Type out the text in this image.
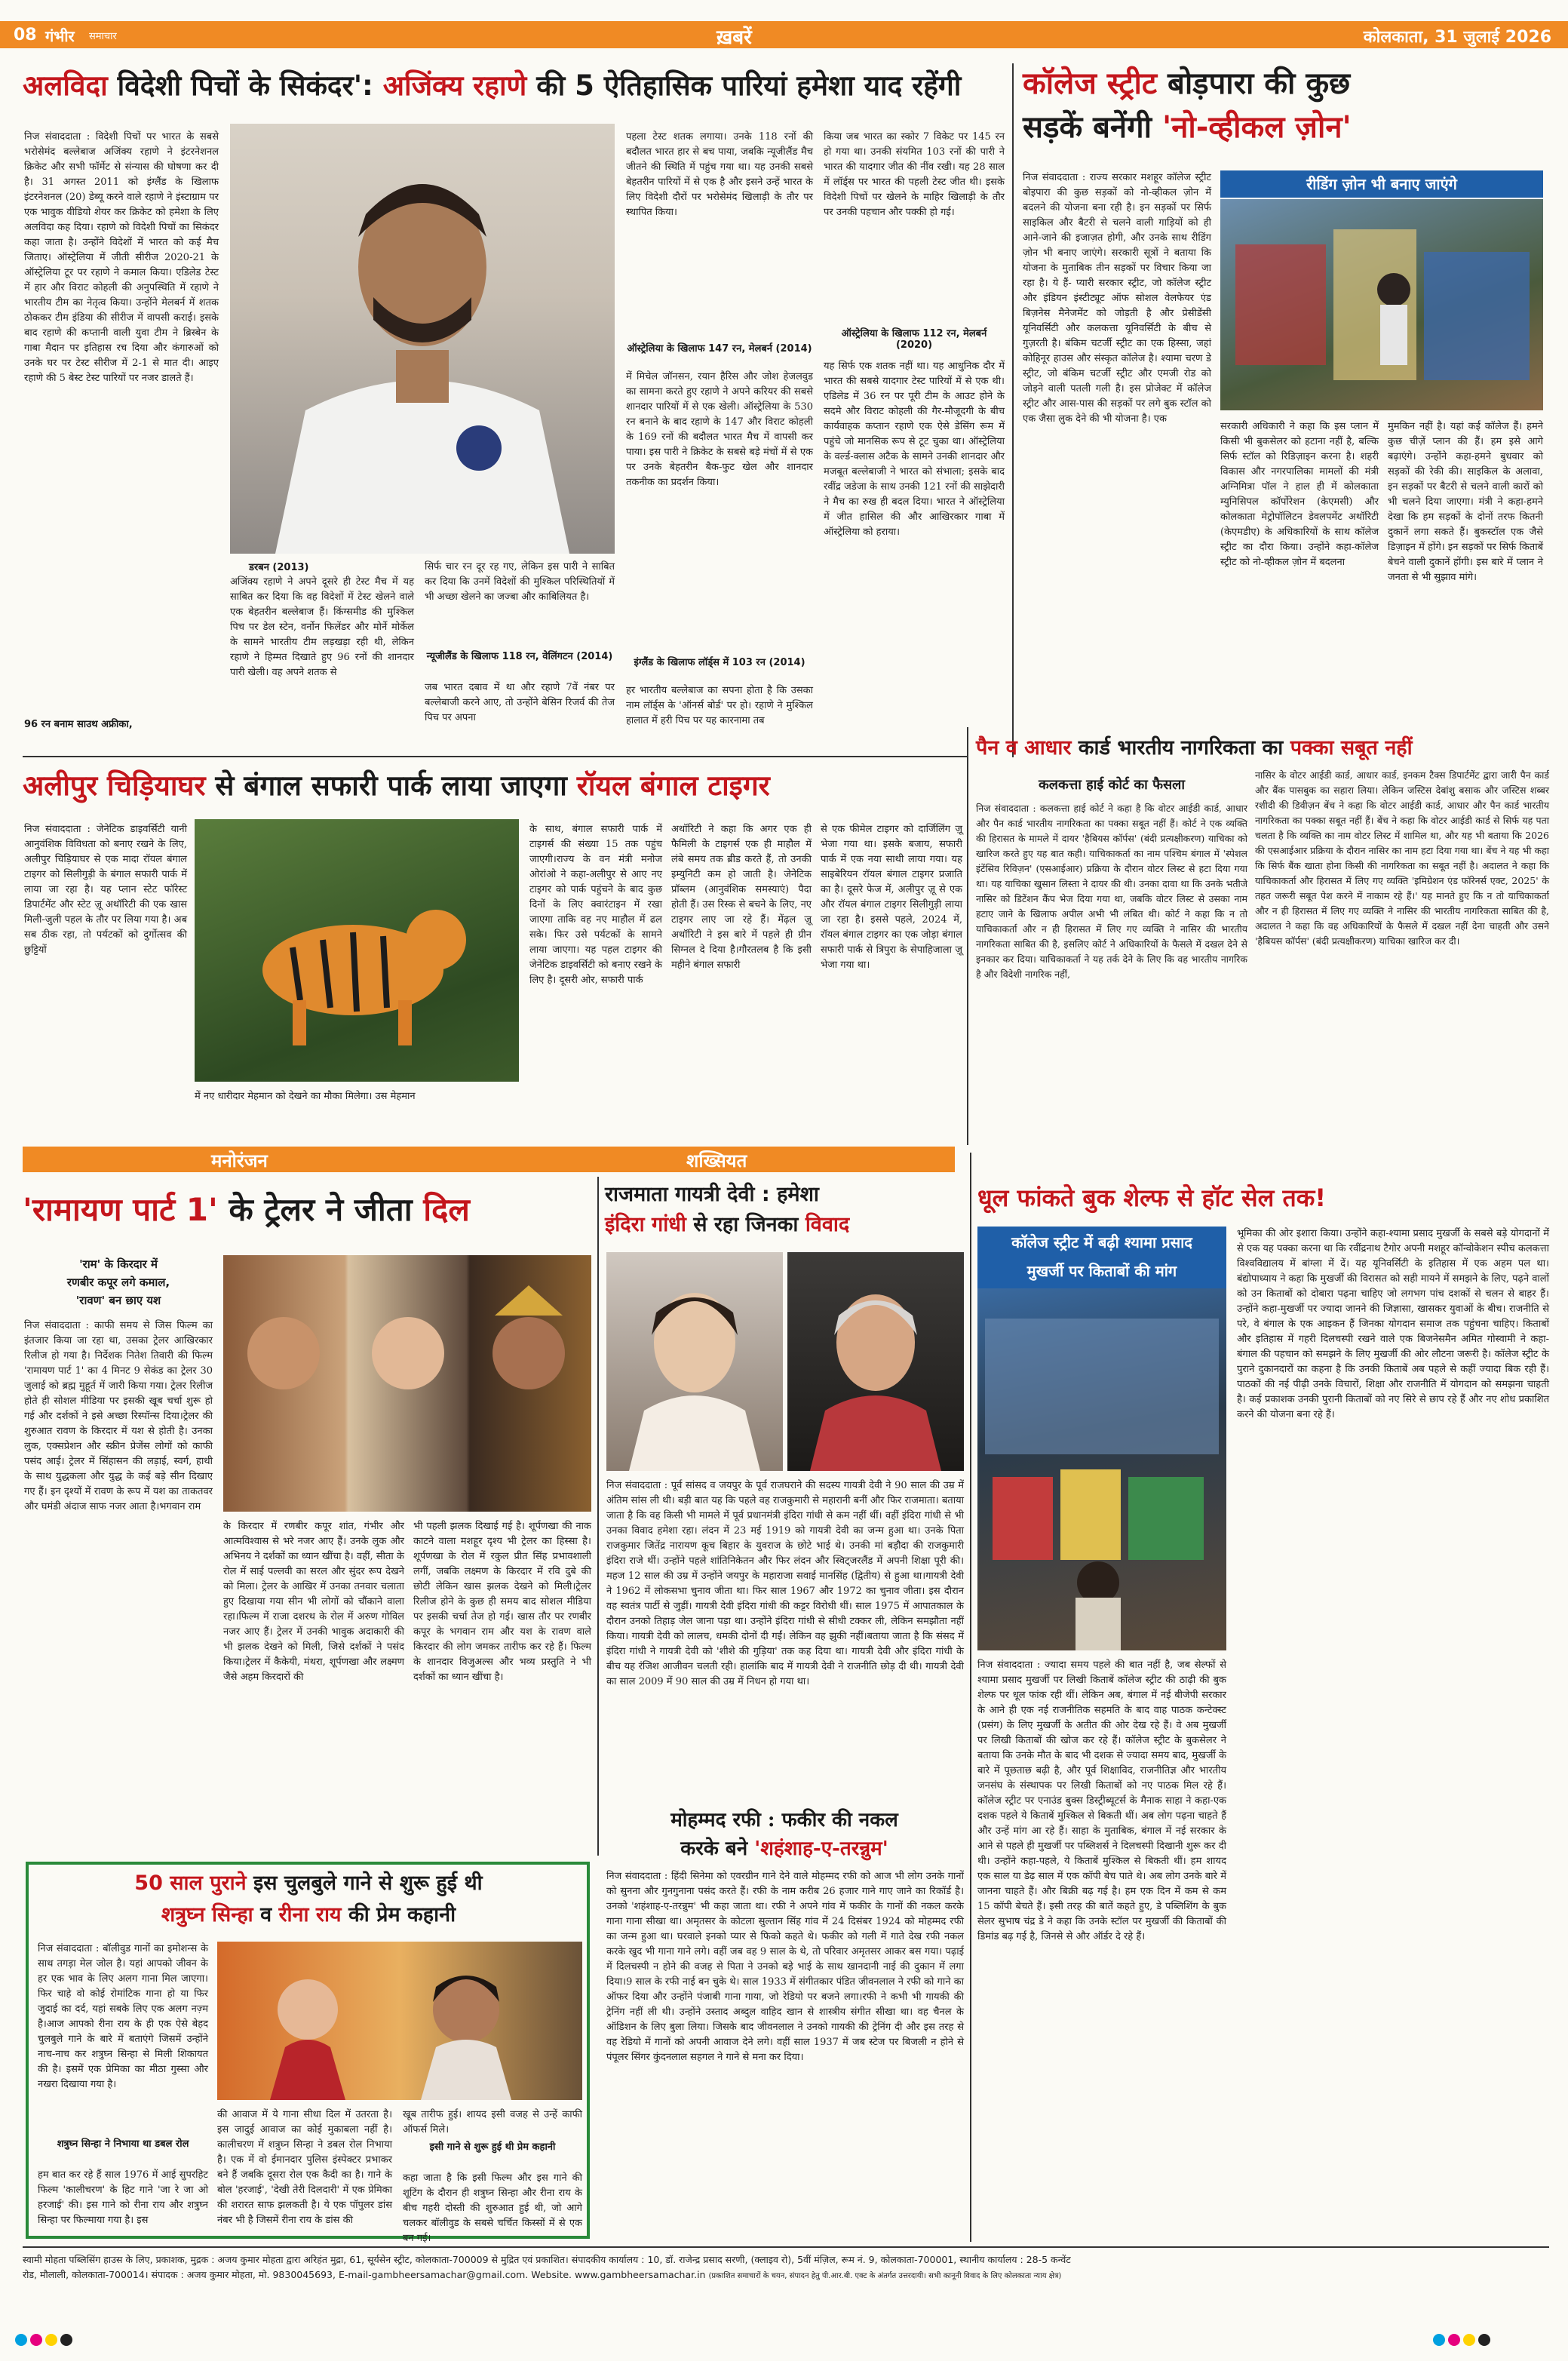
08 गंभीर समाचार	ख़बरें	कोलकाता, 31 जुलाई 2026
अलविदा विदेशी पिचों के सिकंदर': अजिंक्य रहाणे की 5 ऐतिहासिक पारियां हमेशा याद रहेंगी
निज संवाददाता : विदेशी पिचों पर भारत के सबसे भरोसेमंद बल्लेबाज अजिंक्य रहाणे ने इंटरनेशनल क्रिकेट और सभी फॉर्मेट से संन्यास की घोषणा कर दी है। 31 अगस्त 2011 को इंग्लैंड के खिलाफ इंटरनेशनल (20) डेब्यू करने वाले रहाणे ने इंस्टाग्राम पर एक भावुक वीडियो शेयर कर क्रिकेट को हमेशा के लिए अलविदा कह दिया। रहाणे को विदेशी पिचों का सिकंदर कहा जाता है। उन्होंने विदेशों में भारत को कई मैच जिताए। ऑस्ट्रेलिया में जीती सीरीज 2020-21 के ऑस्ट्रेलिया टूर पर रहाणे ने कमाल किया। एडिलेड टेस्ट में हार और विराट कोहली की अनुपस्थिति में रहाणे ने भारतीय टीम का नेतृत्व किया। उन्होंने मेलबर्न में शतक ठोककर टीम इंडिया की सीरीज में वापसी कराई। इसके बाद रहाणे की कप्तानी वाली युवा टीम ने ब्रिस्बेन के गाबा मैदान पर इतिहास रच दिया और कंगारुओं को उनके घर पर टेस्ट सीरीज में 2-1 से मात दी। आइए रहाणे की 5 बेस्ट टेस्ट पारियों पर नजर डालते हैं।
96 रन बनाम साउथ अफ्रीका,
डरबन (2013)
अजिंक्य रहाणे ने अपने दूसरे ही टेस्ट मैच में यह साबित कर दिया कि वह विदेशों में टेस्ट खेलने वाले एक बेहतरीन बल्लेबाज हैं। किंग्समीड की मुश्किल पिच पर डेल स्टेन, वर्नोन फिलेंडर और मोर्ने मोर्केल के सामने भारतीय टीम लड़खड़ा रही थी, लेकिन रहाणे ने हिम्मत दिखाते हुए 96 रनों की शानदार पारी खेली। वह अपने शतक से
सिर्फ चार रन दूर रह गए, लेकिन इस पारी ने साबित कर दिया कि उनमें विदेशों की मुश्किल परिस्थितियों में भी अच्छा खेलने का जज्बा और काबिलियत है।
न्यूजीलैंड के खिलाफ 118 रन, वेलिंगटन (2014)
जब भारत दबाव में था और रहाणे 7वें नंबर पर बल्लेबाजी करने आए, तो उन्होंने बेसिन रिजर्व की तेज पिच पर अपना
पहला टेस्ट शतक लगाया। उनके 118 रनों की बदौलत भारत हार से बच पाया, जबकि न्यूजीलैंड मैच जीतने की स्थिति में पहुंच गया था। यह उनकी सबसे बेहतरीन पारियों में से एक है और इसने उन्हें भारत के लिए विदेशी दौरों पर भरोसेमंद खिलाड़ी के तौर पर स्थापित किया।
ऑस्ट्रेलिया के खिलाफ 147 रन, मेलबर्न (2014)
में मिचेल जॉनसन, रयान हैरिस और जोश हेजलवुड का सामना करते हुए रहाणे ने अपने करियर की सबसे शानदार पारियों में से एक खेली। ऑस्ट्रेलिया के 530 रन बनाने के बाद रहाणे के 147 और विराट कोहली के 169 रनों की बदौलत भारत मैच में वापसी कर पाया। इस पारी ने क्रिकेट के सबसे बड़े मंचों में से एक पर उनके बेहतरीन बैक-फुट खेल और शानदार तकनीक का प्रदर्शन किया।
इंग्लैंड के खिलाफ लॉर्ड्स में 103 रन (2014)
हर भारतीय बल्लेबाज का सपना होता है कि उसका नाम लॉर्ड्स के 'ऑनर्स बोर्ड' पर हो। रहाणे ने मुश्किल हालात में हरी पिच पर यह कारनामा तब
किया जब भारत का स्कोर 7 विकेट पर 145 रन हो गया था। उनकी संयमित 103 रनों की पारी ने भारत की यादगार जीत की नींव रखी। यह 28 साल में लॉर्ड्स पर भारत की पहली टेस्ट जीत थी। इसके विदेशी पिचों पर खेलने के माहिर खिलाड़ी के तौर पर उनकी पहचान और पक्की हो गई।
ऑस्ट्रेलिया के खिलाफ 112 रन, मेलबर्न (2020)
यह सिर्फ एक शतक नहीं था। यह आधुनिक दौर में भारत की सबसे यादगार टेस्ट पारियों में से एक थी। एडिलेड में 36 रन पर पूरी टीम के आउट होने के सदमे और विराट कोहली की गैर-मौजूदगी के बीच कार्यवाहक कप्तान रहाणे एक ऐसे डेसिंग रूम में पहुंचे जो मानसिक रूप से टूट चुका था। ऑस्ट्रेलिया के वर्ल्ड-क्लास अटैक के सामने उनकी शानदार और मजबूत बल्लेबाजी ने भारत को संभाला; इसके बाद रवींद्र जडेजा के साथ उनकी 121 रनों की साझेदारी ने मैच का रुख ही बदल दिया। भारत ने ऑस्ट्रेलिया में जीत हासिल की और आखिरकार गाबा में ऑस्ट्रेलिया को हराया।
कॉलेज स्ट्रीट बोड़पारा की कुछ
सड़कें बनेंगी 'नो-व्हीकल ज़ोन'
रीडिंग ज़ोन भी बनाए जाएंगे
निज संवाददाता : राज्य सरकार मशहूर कॉलेज स्ट्रीट बोइपारा की कुछ सड़कों को नो-व्हीकल ज़ोन में बदलने की योजना बना रही है। इन सड़कों पर सिर्फ साइकिल और बैटरी से चलने वाली गाड़ियों को ही आने-जाने की इजाज़त होगी, और उनके साथ रीडिंग ज़ोन भी बनाए जाएंगे। सरकारी सूत्रों ने बताया कि योजना के मुताबिक तीन सड़कों पर विचार किया जा रहा है। ये हैं- प्यारी सरकार स्ट्रीट, जो कॉलेज स्ट्रीट और इंडियन इंस्टीट्यूट ऑफ सोशल वेलफेयर एंड बिज़नेस मैनेजमेंट को जोड़ती है और प्रेसीडेंसी यूनिवर्सिटी और कलकत्ता यूनिवर्सिटी के बीच से गुज़रती है। बंकिम चटर्जी स्ट्रीट का एक हिस्सा, जहां कोहिनूर हाउस और संस्कृत कॉलेज है। श्यामा चरण डे स्ट्रीट, जो बंकिम चटर्जी स्ट्रीट और एमजी रोड को जोड़ने वाली पतली गली है। इस प्रोजेक्ट में कॉलेज स्ट्रीट और आस-पास की सड़कों पर लगे बुक स्टॉल को एक जैसा लुक देने की भी योजना है। एक
सरकारी अधिकारी ने कहा कि इस प्लान में किसी भी बुकसेलर को हटाना नहीं है, बल्कि सिर्फ स्टॉल को रिडिज़ाइन करना है। शहरी विकास और नगरपालिका मामलों की मंत्री अग्निमित्रा पॉल ने हाल ही में कोलकाता म्युनिसिपल कॉर्पोरेशन (केएमसी) और कोलकाता मेट्रोपॉलिटन डेवलपमेंट अथॉरिटी (केएमडीए) के अधिकारियों के साथ कॉलेज स्ट्रीट का दौरा किया। उन्होंने कहा-कॉलेज स्ट्रीट को नो-व्हीकल ज़ोन में बदलना
मुमकिन नहीं है। यहां कई कॉलेज हैं। हमने कुछ चीज़ें प्लान की हैं। हम इसे आगे बढ़ाएंगे। उन्होंने कहा-हमने बुधवार को सड़कों की रेकी की। साइकिल के अलावा, इन सड़कों पर बैटरी से चलने वाली कारों को भी चलने दिया जाएगा। मंत्री ने कहा-हमने देखा कि हम सड़कों के दोनों तरफ कितनी दुकानें लगा सकते हैं। बुकस्टॉल एक जैसे डिज़ाइन में होंगे। इन सड़कों पर सिर्फ किताबें बेचने वाली दुकानें होंगी। इस बारे में प्लान ने जनता से भी सुझाव मांगे।
पैन व आधार कार्ड भारतीय नागरिकता का पक्का सबूत नहीं
कलकत्ता हाई कोर्ट का फैसला
निज संवाददाता : कलकत्ता हाई कोर्ट ने कहा है कि वोटर आईडी कार्ड, आधार और पैन कार्ड भारतीय नागरिकता का पक्का सबूत नहीं हैं। कोर्ट ने एक व्यक्ति की हिरासत के मामले में दायर 'हैबियस कॉर्पस' (बंदी प्रत्यक्षीकरण) याचिका को खारिज करते हुए यह बात कही। याचिकाकर्ता का नाम पश्चिम बंगाल में 'स्पेशल इंटेंसिव रिविज़न' (एसआईआर) प्रक्रिया के दौरान वोटर लिस्ट से हटा दिया गया था। यह याचिका खुसान लिस्ता ने दायर की थी। उनका दावा था कि उनके भतीजे नासिर को डिटेंशन कैंप भेज दिया गया था, जबकि वोटर लिस्ट से उसका नाम हटाए जाने के खिलाफ अपील अभी भी लंबित थी। कोर्ट ने कहा कि न तो याचिकाकर्ता और न ही हिरासत में लिए गए व्यक्ति ने नासिर की भारतीय नागरिकता साबित की है, इसलिए कोर्ट ने अधिकारियों के फैसले में दखल देने से इनकार कर दिया। याचिकाकर्ता ने यह तर्क देने के लिए कि वह भारतीय नागरिक है और विदेशी नागरिक नहीं,
नासिर के वोटर आईडी कार्ड, आधार कार्ड, इनकम टैक्स डिपार्टमेंट द्वारा जारी पैन कार्ड और बैंक पासबुक का सहारा लिया। लेकिन जस्टिस देबांशु बसाक और जस्टिस शब्बर रशीदी की डिवीज़न बेंच ने कहा कि वोटर आईडी कार्ड, आधार और पैन कार्ड भारतीय नागरिकता का पक्का सबूत नहीं हैं। बेंच ने कहा कि वोटर आईडी कार्ड से सिर्फ यह पता चलता है कि व्यक्ति का नाम वोटर लिस्ट में शामिल था, और यह भी बताया कि 2026 की एसआईआर प्रक्रिया के दौरान नासिर का नाम हटा दिया गया था। बेंच ने यह भी कहा कि सिर्फ बैंक खाता होना किसी की नागरिकता का सबूत नहीं है। अदालत ने कहा कि याचिकाकर्ता और हिरासत में लिए गए व्यक्ति 'इमिग्रेशन एंड फॉरेनर्स एक्ट, 2025' के तहत जरूरी सबूत पेश करने में नाकाम रहे हैं।' यह मानते हुए कि न तो याचिकाकर्ता और न ही हिरासत में लिए गए व्यक्ति ने नासिर की भारतीय नागरिकता साबित की है, अदालत ने कहा कि वह अधिकारियों के फैसले में दखल नहीं देना चाहती और उसने 'हैबियस कॉर्पस' (बंदी प्रत्यक्षीकरण) याचिका खारिज कर दी।
अलीपुर चिड़ियाघर से बंगाल सफारी पार्क लाया जाएगा रॉयल बंगाल टाइगर
निज संवाददाता : जेनेटिक डाइवर्सिटी यानी आनुवंशिक विविधता को बनाए रखने के लिए, अलीपुर चिड़ियाघर से एक मादा रॉयल बंगाल टाइगर को सिलीगुड़ी के बंगाल सफारी पार्क में लाया जा रहा है। यह प्लान स्टेट फॉरेस्ट डिपार्टमेंट और स्टेट ज़ू अथॉरिटी की एक खास मिली-जुली पहल के तौर पर लिया गया है। अब सब ठीक रहा, तो पर्यटकों को दुर्गोत्सव की छुट्टियों
में नए धारीदार मेहमान को देखने का मौका मिलेगा। उस मेहमान
के साथ, बंगाल सफारी पार्क में टाइगर्स की संख्या 15 तक पहुंच जाएगी।राज्य के वन मंत्री मनोज ओरांओ ने कहा-अलीपुर से आए नए टाइगर को पार्क पहुंचने के बाद कुछ दिनों के लिए क्वारंटाइन में रखा जाएगा ताकि वह नए माहौल में ढल सके। फिर उसे पर्यटकों के सामने लाया जाएगा। यह पहल टाइगर की जेनेटिक डाइवर्सिटी को बनाए रखने के लिए है। दूसरी ओर, सफारी पार्क
अथॉरिटी ने कहा कि अगर एक ही फैमिली के टाइगर्स एक ही माहौल में लंबे समय तक ब्रीड करते हैं, तो उनकी इम्युनिटी कम हो जाती है। जेनेटिक प्रॉब्लम (आनुवंशिक समस्याएं) पैदा होती हैं। उस रिस्क से बचने के लिए, नए टाइगर लाए जा रहे हैं। मेंढ़ल ज़ू अथॉरिटी ने इस बारे में पहले ही ग्रीन सिग्नल दे दिया है।गौरतलब है कि इसी महीने बंगाल सफारी
से एक फीमेल टाइगर को दार्जिलिंग ज़ू भेजा गया था। इसके बजाय, सफारी पार्क में एक नया साथी लाया गया। यह साइबेरियन रॉयल बंगाल टाइगर प्रजाति का है। दूसरे फेज में, अलीपुर ज़ू से एक और रॉयल बंगाल टाइगर सिलीगुड़ी लाया जा रहा है। इससे पहले, 2024 में, रॉयल बंगाल टाइगर का एक जोड़ा बंगाल सफारी पार्क से त्रिपुरा के सेपाहिजाला ज़ू भेजा गया था।
मनोरंजन	शख्सियत
'रामायण पार्ट 1' के ट्रेलर ने जीता दिल
'राम' के किरदार में
रणबीर कपूर लगे कमाल,
'रावण' बन छाए यश
निज संवाददाता : काफी समय से जिस फिल्म का इंतजार किया जा रहा था, उसका ट्रेलर आखिरकार रिलीज हो गया है। निर्देशक नितेश तिवारी की फिल्म 'रामायण पार्ट 1' का 4 मिनट 9 सेकंड का ट्रेलर 30 जुलाई को ब्रह्म मुहूर्त में जारी किया गया। ट्रेलर रिलीज होते ही सोशल मीडिया पर इसकी खूब चर्चा शुरू हो गई और दर्शकों ने इसे अच्छा रिस्पॉन्स दिया।ट्रेलर की शुरुआत रावण के किरदार में यश से होती है। उनका लुक, एक्सप्रेशन और स्क्रीन प्रेजेंस लोगों को काफी पसंद आई। ट्रेलर में सिंहासन की लड़ाई, स्वर्ग, हाथी के साथ युद्धकला और युद्ध के कई बड़े सीन दिखाए गए हैं। इन दृश्यों में रावण के रूप में यश का ताकतवर और घमंडी अंदाज साफ नजर आता है।भगवान राम
के किरदार में रणबीर कपूर शांत, गंभीर और आत्मविश्वास से भरे नजर आए हैं। उनके लुक और अभिनय ने दर्शकों का ध्यान खींचा है। वहीं, सीता के रोल में साई पल्लवी का सरल और सुंदर रूप देखने को मिला। ट्रेलर के आखिर में उनका तनवार चलाता हुए दिखाया गया सीन भी लोगों को चौंकाने वाला रहा।फिल्म में राजा दशरथ के रोल में अरुण गोविल नजर आए हैं। ट्रेलर में उनकी भावुक अदाकारी की भी झलक देखने को मिली, जिसे दर्शकों ने पसंद किया।ट्रेलर में कैकेयी, मंथरा, शूर्पणखा और लक्ष्मण जैसे अहम किरदारों की
भी पहली झलक दिखाई गई है। शूर्पणखा की नाक काटने वाला मशहूर दृश्य भी ट्रेलर का हिस्सा है। शूर्पणखा के रोल में रकुल प्रीत सिंह प्रभावशाली लगीं, जबकि लक्ष्मण के किरदार में रवि दुबे की छोटी लेकिन खास झलक देखने को मिली।ट्रेलर रिलीज होने के कुछ ही समय बाद सोशल मीडिया पर इसकी चर्चा तेज हो गई। खास तौर पर रणबीर कपूर के भगवान राम और यश के रावण वाले किरदार की लोग जमकर तारीफ कर रहे हैं। फिल्म के शानदार विजुअल्स और भव्य प्रस्तुति ने भी दर्शकों का ध्यान खींचा है।
राजमाता गायत्री देवी : हमेशा
इंदिरा गांधी से रहा जिनका विवाद
निज संवाददाता : पूर्व सांसद व जयपुर के पूर्व राजघराने की सदस्य गायत्री देवी ने 90 साल की उम्र में अंतिम सांस ली थी। बड़ी बात यह कि पहले वह राजकुमारी से महारानी बनीं और फिर राजमाता। बताया जाता है कि वह किसी भी मामले में पूर्व प्रधानमंत्री इंदिरा गांधी से कम नहीं थीं। वहीं इंदिरा गांधी से भी उनका विवाद हमेशा रहा। लंदन में 23 मई 1919 को गायत्री देवी का जन्म हुआ था। उनके पिता राजकुमार जितेंद्र नारायण कूच बिहार के युवराज के छोटे भाई थे। उनकी मां बड़ौदा की राजकुमारी इंदिरा राजे थीं। उन्होंने पहले शांतिनिकेतन और फिर लंदन और स्विट्जरलैंड में अपनी शिक्षा पूरी की। महज 12 साल की उम्र में उन्होंने जयपुर के महाराजा सवाई मानसिंह (द्वितीय) से हुआ था।गायत्री देवी ने 1962 में लोकसभा चुनाव जीता था। फिर साल 1967 और 1972 का चुनाव जीता। इस दौरान वह स्वतंत्र पार्टी से जुड़ीं। गायत्री देवी इंदिरा गांधी की कट्टर विरोधी थीं। साल 1975 में आपातकाल के दौरान उनको तिहाड़ जेल जाना पड़ा था। उन्होंने इंदिरा गांधी से सीधी टक्कर ली, लेकिन समझौता नहीं किया। गायत्री देवी को लालच, धमकी दोनों दी गईं। लेकिन वह झुकी नहीं।बताया जाता है कि संसद में इंदिरा गांधी ने गायत्री देवी को 'शीशे की गुड़िया' तक कह दिया था। गायत्री देवी और इंदिरा गांधी के बीच यह रंजिश आजीवन चलती रही। हालांकि बाद में गायत्री देवी ने राजनीति छोड़ दी थी। गायत्री देवी का साल 2009 में 90 साल की उम्र में निधन हो गया था।
मोहम्मद रफी : फकीर की नकल
करके बने 'शहंशाह-ए-तरन्नुम'
निज संवाददाता : हिंदी सिनेमा को एवरग्रीन गाने देने वाले मोहम्मद रफी को आज भी लोग उनके गानों को सुनना और गुनगुनाना पसंद करते हैं। रफी के नाम करीब 26 हजार गाने गाए जाने का रिकॉर्ड है। उनको 'शहंशाह-ए-तरन्नुम' भी कहा जाता था। रफी ने अपने गांव में फकीर के गानों की नकल करके गाना गाना सीखा था। अमृतसर के कोटला सुल्तान सिंह गांव में 24 दिसंबर 1924 को मोहम्मद रफी का जन्म हुआ था। घरवाले इनको प्यार से फिको कहते थे। फकीर को गली में गाते देख रफी नकल करके खुद भी गाना गाने लगे। वहीं जब वह 9 साल के थे, तो परिवार अमृतसर आकर बस गया। पढ़ाई में दिलचस्पी न होने की वजह से पिता ने उनको बड़े भाई के साथ खानदानी नाई की दुकान में लगा दिया।9 साल के रफी नाई बन चुके थे। साल 1933 में संगीतकार पंडित जीवनलाल ने रफी को गाने का ऑफर दिया और उन्होंने पंजाबी गाना गाया, जो रेडियो पर बजने लगा।रफी ने कभी भी गायकी की ट्रेनिंग नहीं ली थी। उन्होंने उस्ताद अब्दुल वाहिद खान से शास्त्रीय संगीत सीखा था। वह चैनल के ऑडिशन के लिए बुला लिया। जिसके बाद जीवनलाल ने उनको गायकी की ट्रेनिंग दी और इस तरह से वह रेडियो में गानों को अपनी आवाज देने लगे। वहीं साल 1937 में जब स्टेज पर बिजली न होने से पंपूलर सिंगर कुंदनलाल सहगल ने गाने से मना कर दिया।
धूल फांकते बुक शेल्फ से हॉट सेल तक!
कॉलेज स्ट्रीट में बढ़ी श्यामा प्रसाद
मुखर्जी पर किताबों की मांग
निज संवाददाता : ज्यादा समय पहले की बात नहीं है, जब सेल्फों से श्यामा प्रसाद मुखर्जी पर लिखी किताबें कॉलेज स्ट्रीट की ठाढ़ी की बुक शेल्फ पर धूल फांक रही थीं। लेकिन अब, बंगाल में नई बीजेपी सरकार के आने ही एक नई राजनीतिक सहमति के बाद वाह पाठक कन्टेक्स्ट (प्रसंग) के लिए मुखर्जी के अतीत की ओर देख रहे हैं। वे अब मुखर्जी पर लिखी किताबों की खोज कर रहे हैं। कॉलेज स्ट्रीट के बुकसेलर ने बताया कि उनके मौत के बाद भी दशक से ज्यादा समय बाद, मुखर्जी के बारे में पूछताछ बढ़ी है, और पूर्व शिक्षाविद, राजनीतिज्ञ और भारतीय जनसंघ के संस्थापक पर लिखी किताबों को नए पाठक मिल रहे हैं। कॉलेज स्ट्रीट पर एनाउंड बुक्स डिस्ट्रीब्यूटर्स के मैनाक साहा ने कहा-एक दशक पहले ये किताबें मुश्किल से बिकती थीं। अब लोग पढ़ना चाहते हैं और उन्हें मांग आ रहे हैं। साहा के मुताबिक, बंगाल में नई सरकार के आने से पहले ही मुखर्जी पर पब्लिशर्स ने दिलचस्पी दिखानी शुरू कर दी थी। उन्होंने कहा-पहले, ये किताबें मुश्किल से बिकती थीं। हम शायद एक साल या डेढ़ साल में एक कॉपी बेच पाते थे। अब लोग उनके बारे में जानना चाहते हैं। और बिक्री बढ़ गई है। हम एक दिन में कम से कम 15 कॉपी बेचते हैं। इसी तरह की बातें कहते हुए, डे पब्लिशिंग के बुक सेलर सुभाष चंद्र डे ने कहा कि उनके स्टॉल पर मुखर्जी की किताबों की डिमांड बढ़ गई है, जिनसे से और ऑर्डर दे रहे हैं।
भूमिका की ओर इशारा किया। उन्होंने कहा-श्यामा प्रसाद मुखर्जी के सबसे बड़े योगदानों में से एक यह पक्का करना था कि रवींद्रनाथ टैगोर अपनी मशहूर कॉन्वोकेशन स्पीच कलकत्ता विश्वविद्यालय में बांग्ला में दें। यह यूनिवर्सिटी के इतिहास में एक अहम पल था। बंद्योपाध्याय ने कहा कि मुखर्जी की विरासत को सही मायने में समझने के लिए, पढ़ने वालों को उन किताबों को दोबारा पढ़ना चाहिए जो लगभग पांच दशकों से चलन से बाहर हैं। उन्होंने कहा-मुखर्जी पर ज्यादा जानने की जिज्ञासा, खासकर युवाओं के बीच। राजनीति से परे, वे बंगाल के एक आइकन हैं जिनका योगदान समाज तक पहुंचना चाहिए। किताबों और इतिहास में गहरी दिलचस्पी रखने वाले एक बिजनेसमैन अमित गोस्वामी ने कहा-बंगाल की पहचान को समझने के लिए मुखर्जी की ओर लौटना जरूरी है। कॉलेज स्ट्रीट के पुराने दुकानदारों का कहना है कि उनकी किताबें अब पहले से कहीं ज्यादा बिक रही हैं। पाठकों की नई पीढ़ी उनके विचारों, शिक्षा और राजनीति में योगदान को समझना चाहती है। कई प्रकाशक उनकी पुरानी किताबों को नए सिरे से छाप रहे हैं और नए शोध प्रकाशित करने की योजना बना रहे हैं।
50 साल पुराने इस चुलबुले गाने से शुरू हुई थी
शत्रुघ्न सिन्हा व रीना राय की प्रेम कहानी
निज संवाददाता : बॉलीवुड गानों का इमोशन्स के साथ तगड़ा मेल जोल है। यहां आपको जीवन के हर एक भाव के लिए अलग गाना मिल जाएगा। फिर चाहे वो कोई रोमांटिक गाना हो या फिर जुदाई का दर्द, यहां सबके लिए एक अलग नज़्म है।आज आपको रीना राय के ही एक ऐसे बेहद चुलबुले गाने के बारे में बताएंगे जिसमें उन्होंने नाच-नाच कर शत्रुघ्न सिन्हा से मिली शिकायत की है। इसमें एक प्रेमिका का मीठा गुस्सा और नखरा दिखाया गया है।
शत्रुघ्न सिन्हा ने निभाया था डबल रोल
हम बात कर रहे हैं साल 1976 में आई सुपरहिट फिल्म 'कालीचरण' के हिट गाने 'जा रे जा ओ हरजाई' की। इस गाने को रीना राय और शत्रुघ्न सिन्हा पर फिल्माया गया है। इस
की आवाज में ये गाना सीधा दिल में उतरता है। इस जादुई आवाज का कोई मुकाबला नहीं है। कालीचरण में शत्रुघ्न सिन्हा ने डबल रोल निभाया है। एक में वो ईमानदार पुलिस इंस्पेक्टर प्रभाकर बने हैं जबकि दूसरा रोल एक कैदी का है। गाने के बोल 'हरजाई', 'देखी तेरी दिलदारी' में एक प्रेमिका की शरारत साफ झलकती है। ये एक पॉपुलर डांस नंबर भी है जिसमें रीना राय के डांस की
खूब तारीफ हुई। शायद इसी वजह से उन्हें काफी ऑफर्स मिले।
इसी गाने से शुरू हुई थी प्रेम कहानी
कहा जाता है कि इसी फिल्म और इस गाने की शूटिंग के दौरान ही शत्रुघ्न सिन्हा और रीना राय के बीच गहरी दोस्ती की शुरुआत हुई थी, जो आगे चलकर बॉलीवुड के सबसे चर्चित किस्सों में से एक बन गई।
स्वामी मोहता पब्लिसिंग हाउस के लिए, प्रकाशक, मुद्रक : अजय कुमार मोहता द्वारा अरिहंत मुद्रा, 61, सूर्यसेन स्ट्रीट, कोलकाता-700009 से मुद्रित एवं प्रकाशित। संपादकीय कार्यालय : 10, डॉ. राजेन्द्र प्रसाद सरणी, (क्लाइव रो), 5वीं मंज़िल, रूम नं. 9, कोलकाता-700001, स्थानीय कार्यालय : 28-5 कन्वेंट
रोड, मौलाली, कोलकाता-700014। संपादक : अजय कुमार मोहता, मो. 9830045693, E-mail-gambheersamachar@gmail.com. Website. www.gambheersamachar.in (प्रकाशित समाचारों के चयन, संपादन हेतु पी.आर.बी. एक्ट के अंतर्गत उत्तरदायी। सभी कानूनी विवाद के लिए कोलकाता न्याय क्षेत्र)
